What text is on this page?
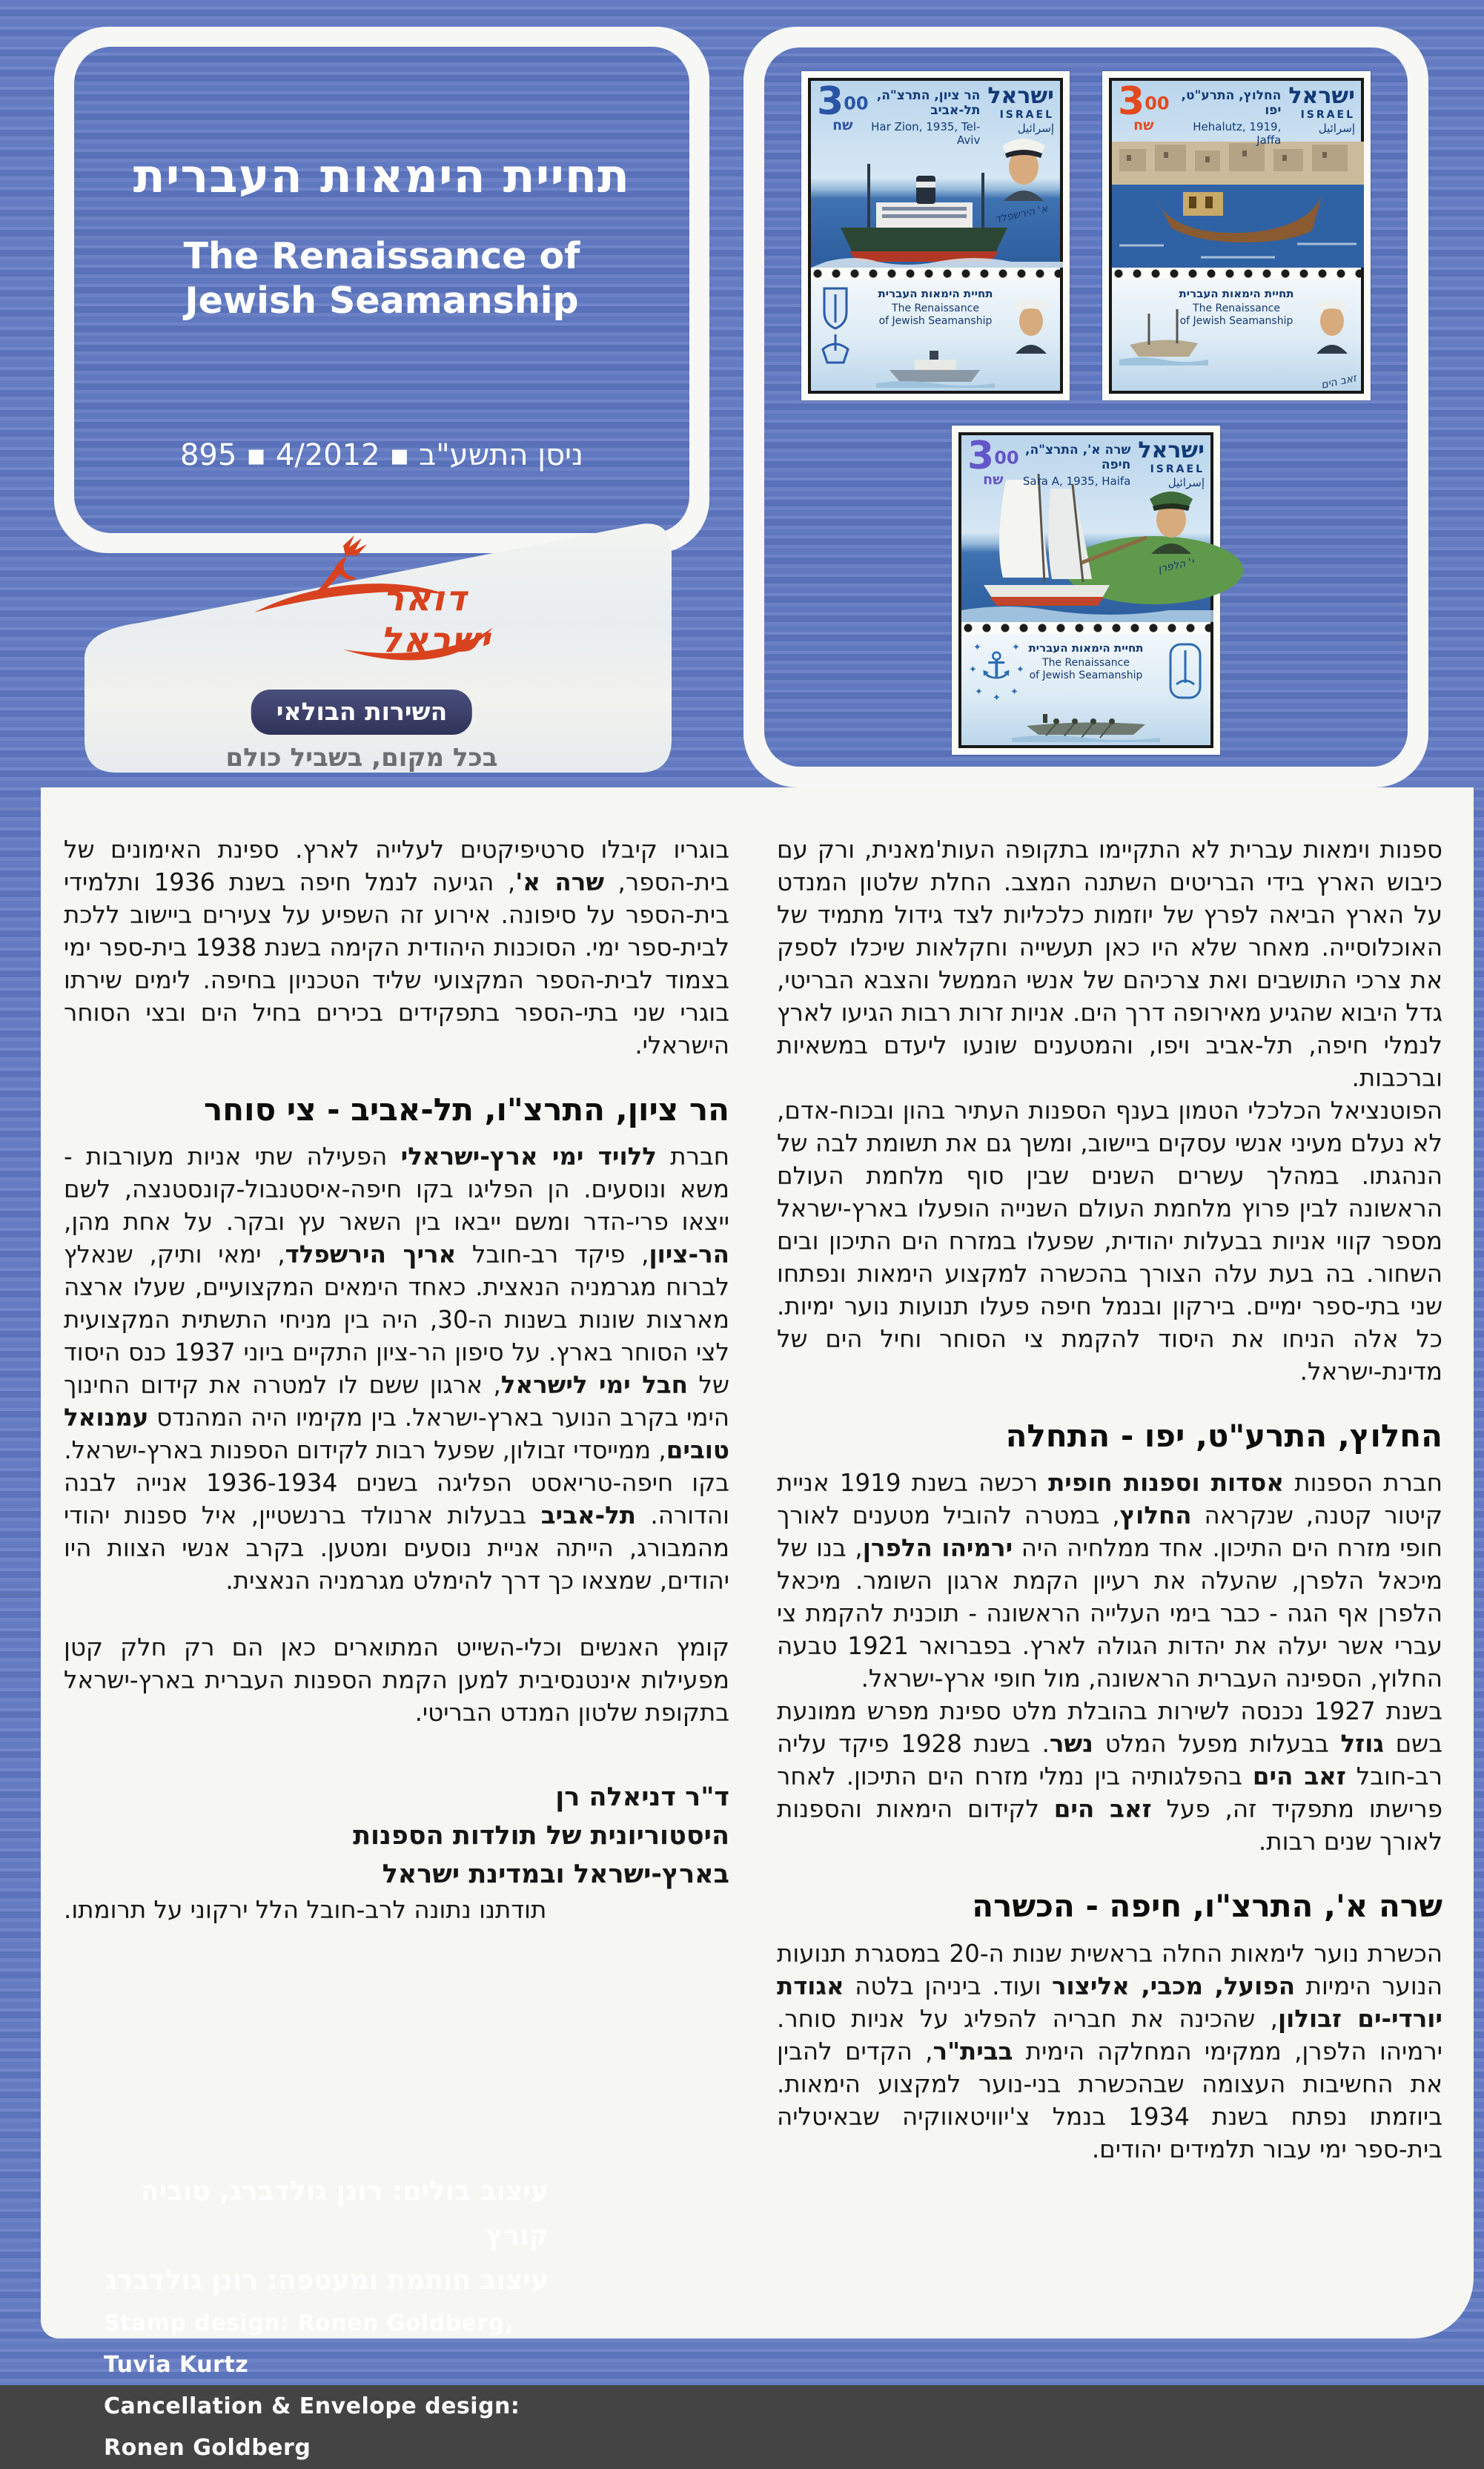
תחיית הימאות העברית
The Renaissance of
Jewish Seamanship
ניסן התשע"ב ▪ 4/2012 ▪ 895
דואר
ישראל
השירות הבולאי
בכל מקום, בשביל כולם
300
שח
הר ציון, התרצ"ה, תל-אביב
Har Zion, 1935, Tel-Aviv
ישראל
ISRAEL
إسرائيل
א' הירשפלד
תחיית הימאות העברית
The Renaissance
of Jewish Seamanship
300
שח
החלוץ, התרע"ט, יפו
Hehalutz, 1919, Jaffa
ישראל
ISRAEL
إسرائيل
תחיית הימאות העברית
The Renaissance
of Jewish Seamanship
זאב הים
300
שח
שרה א', התרצ"ה, חיפה
Sara A, 1935, Haifa
ישראל
ISRAEL
إسرائيل
י' הלפרן
⚓
✦	✦
✦	✦
✦	✦
✦
תחיית הימאות העברית
The Renaissance
of Jewish Seamanship

ספנות וימאות עברית לא התקיימו בתקופה העות'מאנית, ורק עם כיבוש הארץ בידי הבריטים השתנה המצב. החלת שלטון המנדט על הארץ הביאה לפרץ של יוזמות כלכליות לצד גידול מתמיד של האוכלוסייה. מאחר שלא היו כאן תעשייה וחקלאות שיכלו לספק את צרכי התושבים ואת צרכיהם של אנשי הממשל והצבא הבריטי, גדל היבוא שהגיע מאירופה דרך הים. אניות זרות רבות הגיעו לארץ לנמלי חיפה, תל-אביב ויפו, והמטענים שונעו ליעדם במשאיות וברכבות.

הפוטנציאל הכלכלי הטמון בענף הספנות העתיר בהון ובכוח-אדם, לא נעלם מעיני אנשי עסקים ביישוב, ומשך גם את תשומת לבה של הנהגתו. במהלך עשרים השנים שבין סוף מלחמת העולם הראשונה לבין פרוץ מלחמת העולם השנייה הופעלו בארץ-ישראל מספר קווי אניות בבעלות יהודית, שפעלו במזרח הים התיכון ובים השחור. בה בעת עלה הצורך בהכשרה למקצוע הימאות ונפתחו שני בתי-ספר ימיים. בירקון ובנמל חיפה פעלו תנועות נוער ימיות. כל אלה הניחו את היסוד להקמת צי הסוחר וחיל הים של מדינת-ישראל.

החלוץ, התרע"ט, יפו - התחלה

חברת הספנות אסדות וספנות חופית רכשה בשנת 1919 אניית קיטור קטנה, שנקראה החלוץ, במטרה להוביל מטענים לאורך חופי מזרח הים התיכון. אחד ממלחיה היה ירמיהו הלפרן, בנו של מיכאל הלפרן, שהעלה את רעיון הקמת ארגון השומר. מיכאל הלפרן אף הגה - כבר בימי העלייה הראשונה - תוכנית להקמת צי עברי אשר יעלה את יהדות הגולה לארץ. בפברואר 1921 טבעה החלוץ, הספינה העברית הראשונה, מול חופי ארץ-ישראל.

בשנת 1927 נכנסה לשירות בהובלת מלט ספינת מפרש ממונעת בשם גוזל בבעלות מפעל המלט נשר. בשנת 1928 פיקד עליה רב-חובל זאב הים בהפלגותיה בין נמלי מזרח הים התיכון. לאחר פרישתו מתפקיד זה, פעל זאב הים לקידום הימאות והספנות לאורך שנים רבות.

שרה א', התרצ"ו, חיפה - הכשרה

הכשרת נוער לימאות החלה בראשית שנות ה-20 במסגרת תנועות הנוער הימיות הפועל, מכבי, אליצור ועוד. ביניהן בלטה אגודת יורדי-ים זבולון, שהכינה את חבריה להפליג על אניות סוחר. ירמיהו הלפרן, ממקימי המחלקה הימית בבית"ר, הקדים להבין את החשיבות העצומה שבהכשרת בני-נוער למקצוע הימאות. ביוזמתו נפתח בשנת 1934 בנמל צ'יוויטאווקיה שבאיטליה בית-ספר ימי עבור תלמידים יהודים.

בוגריו קיבלו סרטיפיקטים לעלייה לארץ. ספינת האימונים של בית-הספר, שרה א', הגיעה לנמל חיפה בשנת 1936 ותלמידי בית-הספר על סיפונה. אירוע זה השפיע על צעירים ביישוב ללכת לבית-ספר ימי. הסוכנות היהודית הקימה בשנת 1938 בית-ספר ימי בצמוד לבית-הספר המקצועי שליד הטכניון בחיפה. לימים שירתו בוגרי שני בתי-הספר בתפקידים בכירים בחיל הים ובצי הסוחר הישראלי.

הר ציון, התרצ"ו, תל-אביב - צי סוחר

חברת ללויד ימי ארץ-ישראלי הפעילה שתי אניות מעורבות - משא ונוסעים. הן הפליגו בקו חיפה-איסטנבול-קונסטנצה, לשם ייצאו פרי-הדר ומשם ייבאו בין השאר עץ ובקר. על אחת מהן, הר-ציון, פיקד רב-חובל אריך הירשפלד, ימאי ותיק, שנאלץ לברוח מגרמניה הנאצית. כאחד הימאים המקצועיים, שעלו ארצה מארצות שונות בשנות ה-30, היה בין מניחי התשתית המקצועית לצי הסוחר בארץ. על סיפון הר-ציון התקיים ביוני 1937 כנס היסוד של חבל ימי לישראל, ארגון ששם לו למטרה את קידום החינוך הימי בקרב הנוער בארץ-ישראל. בין מקימיו היה המהנדס עמנואל טובים, ממייסדי זבולון, שפעל רבות לקידום הספנות בארץ-ישראל.

בקו חיפה-טריאסט הפליגה בשנים 1936-1934 אנייה לבנה והדורה. תל-אביב בבעלות ארנולד ברנשטיין, איל ספנות יהודי מהמבורג, הייתה אניית נוסעים ומטען. בקרב אנשי הצוות היו יהודים, שמצאו כך דרך להימלט מגרמניה הנאצית.

קומץ האנשים וכלי-השייט המתוארים כאן הם רק חלק קטן מפעילות אינטנסיבית למען הקמת הספנות העברית בארץ-ישראל בתקופת שלטון המנדט הבריטי.

ד"ר דניאלה רן
היסטוריונית של תולדות הספנות
בארץ-ישראל ובמדינת ישראל

תודתנו נתונה לרב-חובל הלל ירקוני על תרומתו.

עיצוב בולים: רונן גולדברג, טוביה קורץ
עיצוב חותמת ומעטפה: רונן גולדברג
Stamp design: Ronen Goldberg, Tuvia Kurtz
Cancellation & Envelope design: Ronen Goldberg
